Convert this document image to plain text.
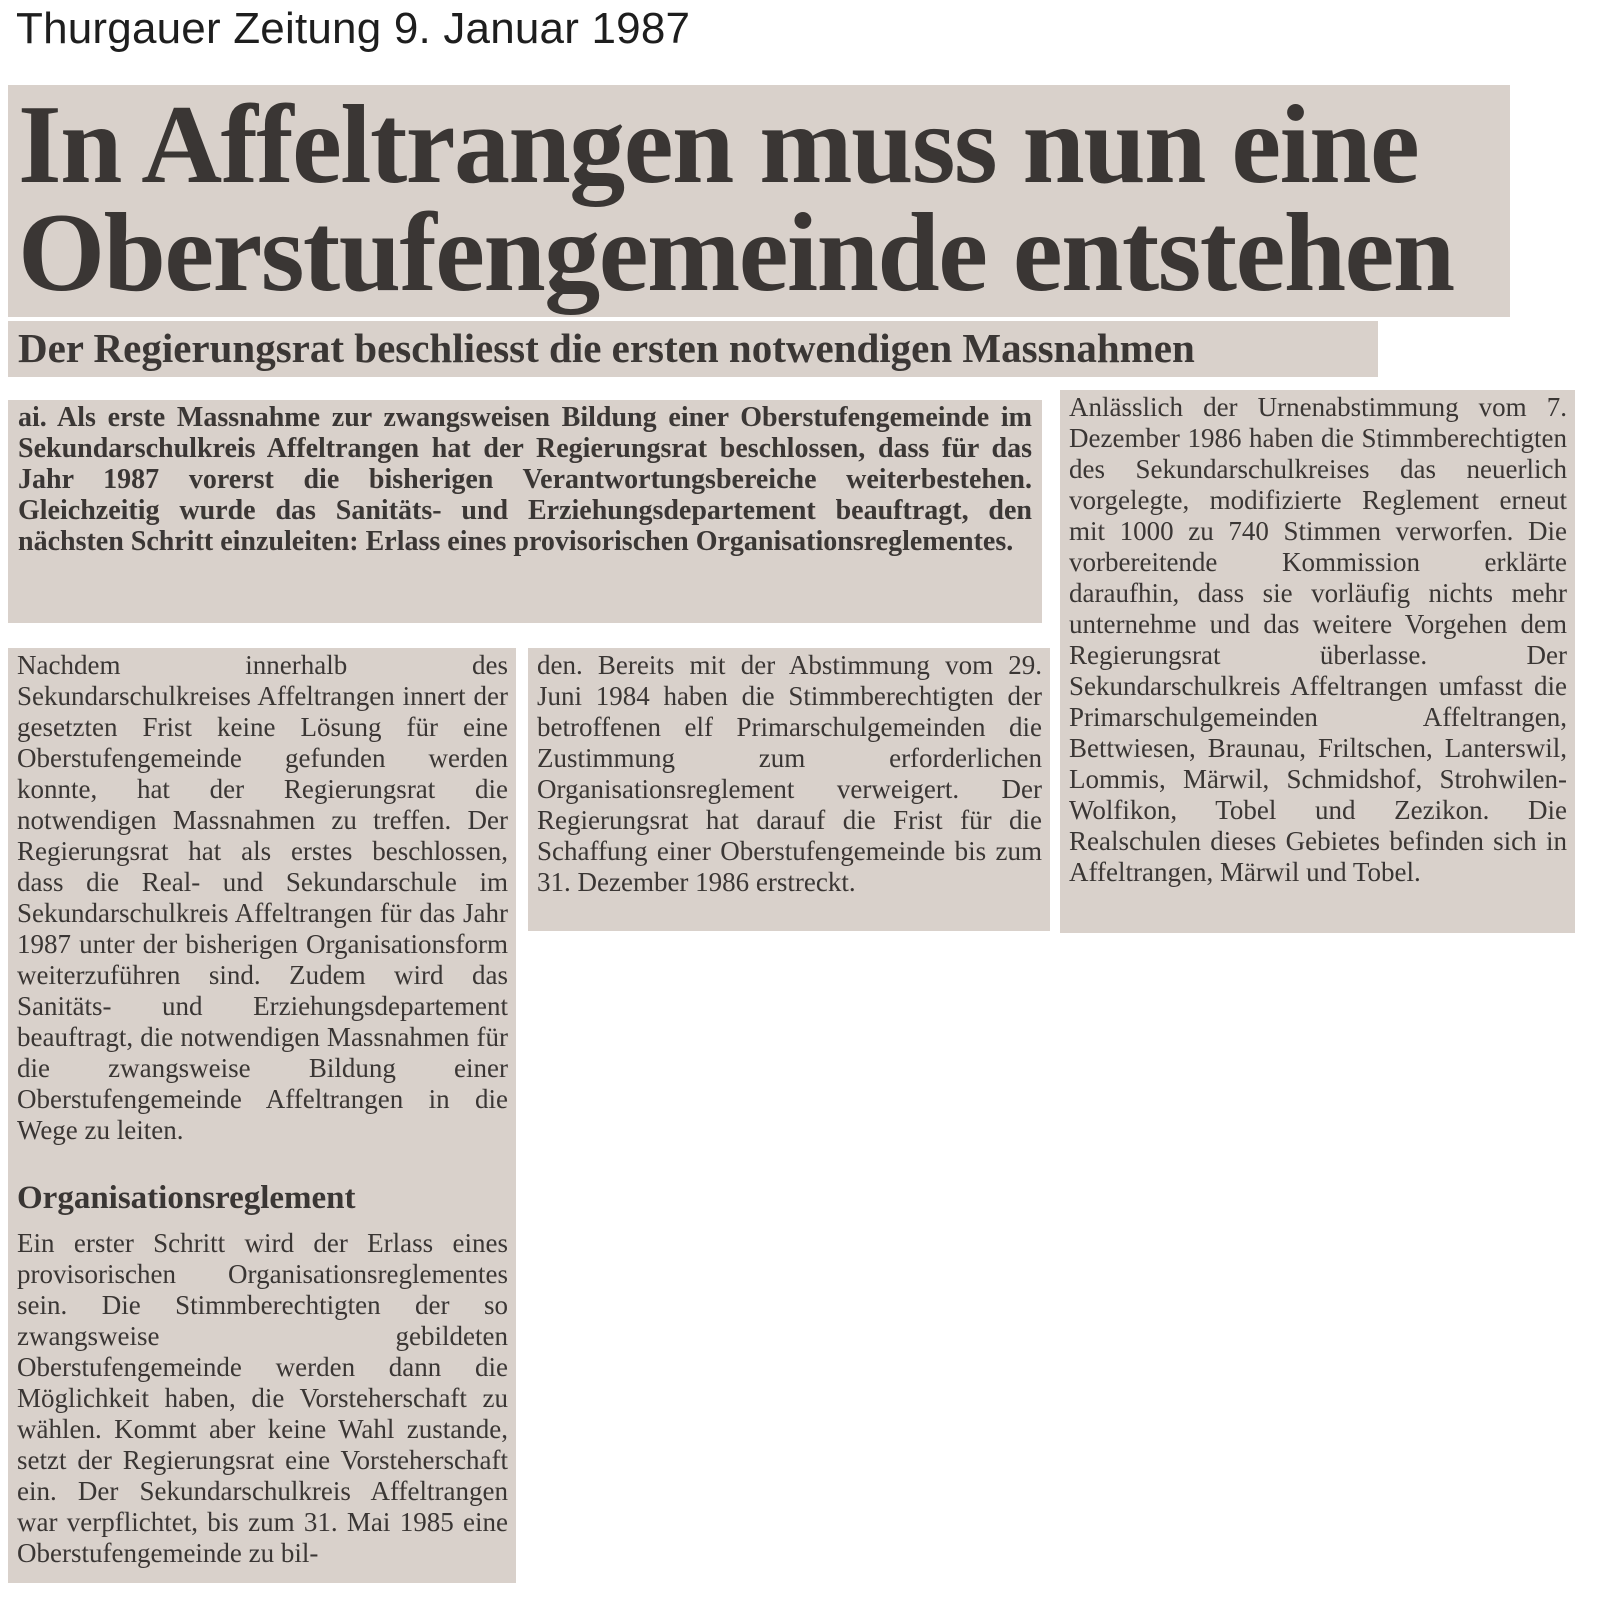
Thurgauer Zeitung 9. Januar 1987
In Affeltrangen muss nun eine
Oberstufengemeinde entstehen
Der Regierungsrat beschliesst die ersten notwendigen Massnahmen

ai. Als erste Massnahme zur zwangsweisen Bildung einer Oberstufengemeinde im Sekundarschulkreis Affeltrangen hat der Regierungsrat beschlossen, dass für das Jahr 1987 vorerst die bisherigen Verantwortungsbereiche weiterbestehen. Gleichzeitig wurde das Sanitäts- und Erziehungsdepartement beauftragt, den nächsten Schritt einzuleiten: Erlass eines provisorischen Organisationsreglementes.

Nachdem innerhalb des Sekundarschulkreises Affeltrangen innert der gesetzten Frist keine Lösung für eine Oberstufengemeinde gefunden werden konnte, hat der Regierungsrat die notwendigen Massnahmen zu treffen. Der Regierungsrat hat als erstes beschlossen, dass die Real- und Sekundarschule im Sekundarschulkreis Affeltrangen für das Jahr 1987 unter der bisherigen Organisationsform weiterzuführen sind. Zudem wird das Sanitäts- und Erziehungsdepartement beauftragt, die notwendigen Massnahmen für die zwangsweise Bildung einer Oberstufengemeinde Affeltrangen in die Wege zu leiten.

Organisationsreglement

Ein erster Schritt wird der Erlass eines provisorischen Organisationsreglementes sein. Die Stimmberechtigten der so zwangsweise gebildeten Oberstufengemeinde werden dann die Möglichkeit haben, die Vorsteherschaft zu wählen. Kommt aber keine Wahl zustande, setzt der Regierungsrat eine Vorsteherschaft ein. Der Sekundarschulkreis Affeltrangen war verpflichtet, bis zum 31. Mai 1985 eine Oberstufengemeinde zu bil-

den. Bereits mit der Abstimmung vom 29. Juni 1984 haben die Stimmberechtigten der betroffenen elf Primarschulgemeinden die Zustimmung zum erforderlichen Organisationsreglement verweigert. Der Regierungsrat hat darauf die Frist für die Schaffung einer Oberstufengemeinde bis zum 31. Dezember 1986 erstreckt.

Anlässlich der Urnenabstimmung vom 7. Dezember 1986 haben die Stimmberechtigten des Sekundarschulkreises das neuerlich vorgelegte, modifizierte Reglement erneut mit 1000 zu 740 Stimmen verworfen. Die vorbereitende Kommission erklärte daraufhin, dass sie vorläufig nichts mehr unternehme und das weitere Vorgehen dem Regierungsrat überlasse. Der Sekundarschulkreis Affeltrangen umfasst die Primarschulgemeinden Affeltrangen, Bettwiesen, Braunau, Friltschen, Lanterswil, Lommis, Märwil, Schmidshof, Strohwilen-Wolfikon, Tobel und Zezikon. Die Realschulen dieses Gebietes befinden sich in Affeltrangen, Märwil und Tobel.
